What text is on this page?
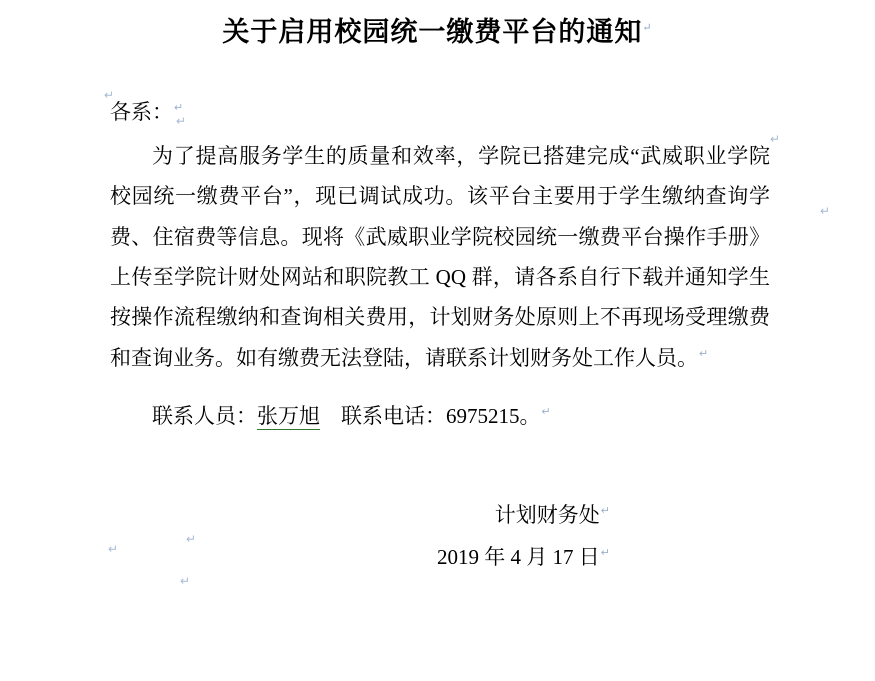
关于启用校园统一缴费平台的通知↵
各系：↵
为了提高服务学生的质量和效率，学院已搭建完成“武威职业学院校园统一缴费平台”，现已调试成功。该平台主要用于学生缴纳查询学费、住宿费等信息。现将《武威职业学院校园统一缴费平台操作手册》上传至学院计财处网站和职院教工 QQ 群，请各系自行下载并通知学生按操作流程缴纳和查询相关费用，计划财务处原则上不再现场受理缴费和查询业务。如有缴费无法登陆，请联系计划财务处工作人员。↵
联系人员：张万旭 联系电话：6975215。↵
计划财务处↵
2019 年 4 月 17 日↵
↵
↵
↵
↵
↵
↵
↵
